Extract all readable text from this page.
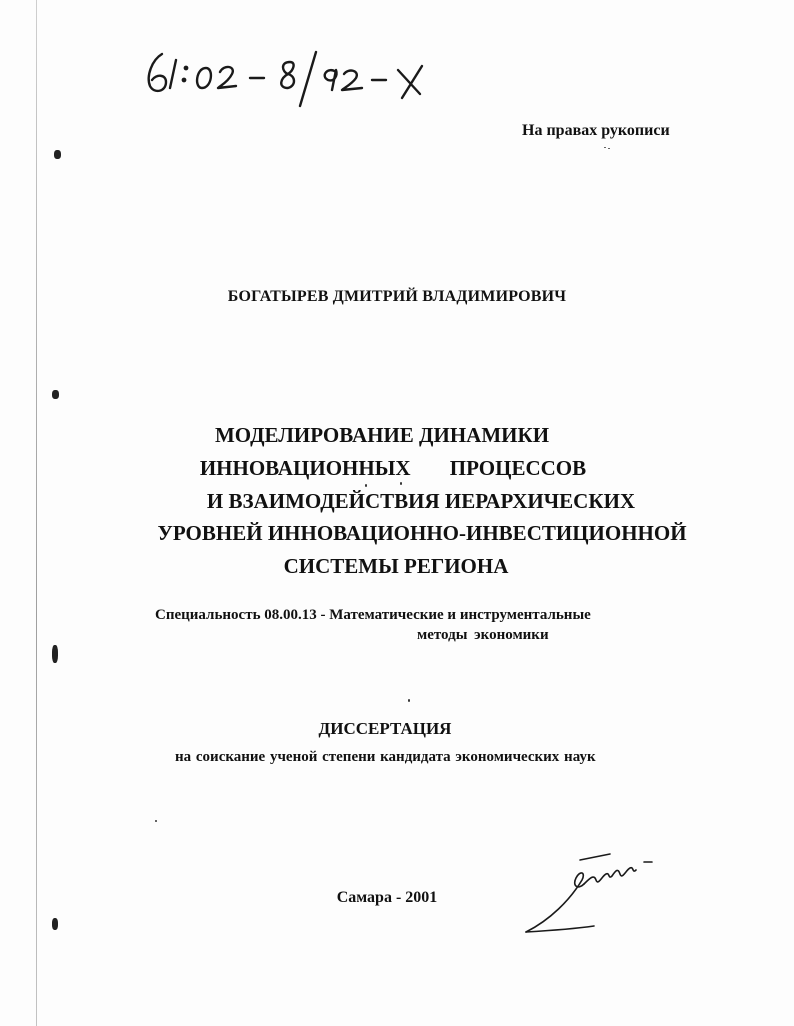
На правах рукописи
БОГАТЫРЕВ ДМИТРИЙ ВЛАДИМИРОВИЧ
МОДЕЛИРОВАНИЕ ДИНАМИКИ
ИННОВАЦИОННЫХ ПРОЦЕССОВ
И ВЗАИМОДЕЙСТВИЯ ИЕРАРХИЧЕСКИХ
УРОВНЕЙ ИННОВАЦИОННО-ИНВЕСТИЦИОННОЙ
СИСТЕМЫ РЕГИОНА
Специальность 08.00.13 - Математические и инструментальные
методы экономики
ДИССЕРТАЦИЯ
на соискание ученой степени кандидата экономических наук
Самара - 2001
